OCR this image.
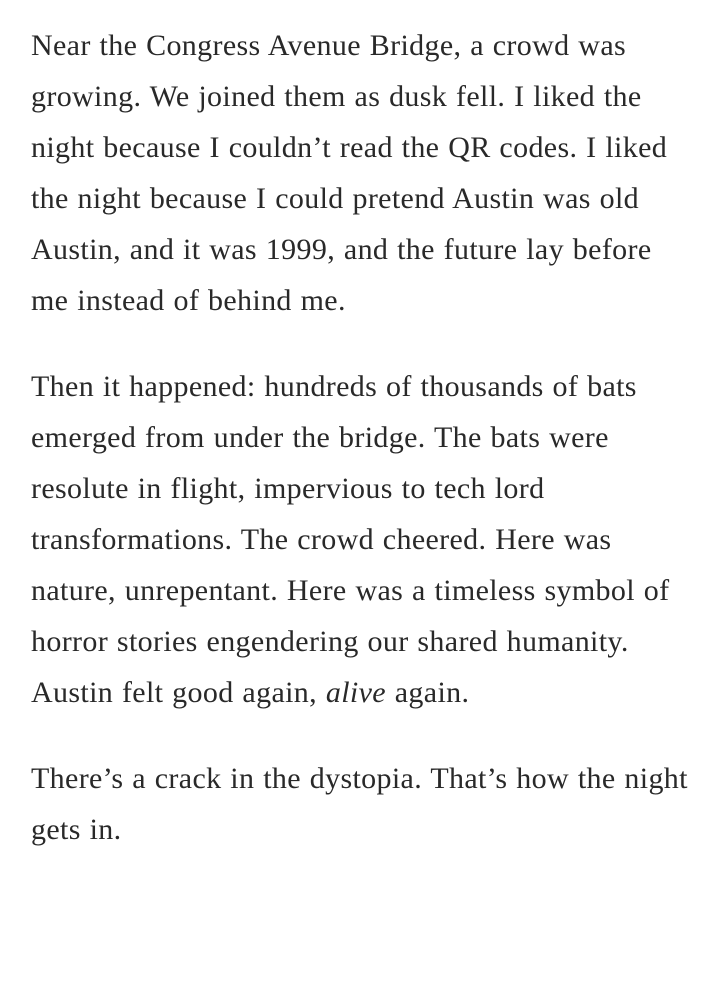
Near the Congress Avenue Bridge, a crowd was growing. We joined them as dusk fell. I liked the night because I couldn’t read the QR codes. I liked the night because I could pretend Austin was old Austin, and it was 1999, and the future lay before me instead of behind me.

Then it happened: hundreds of thousands of bats emerged from under the bridge. The bats were resolute in flight, impervious to tech lord transformations. The crowd cheered. Here was nature, unrepentant. Here was a timeless symbol of horror stories engendering our shared humanity. Austin felt good again, alive again.

There’s a crack in the dystopia. That’s how the night gets in.
